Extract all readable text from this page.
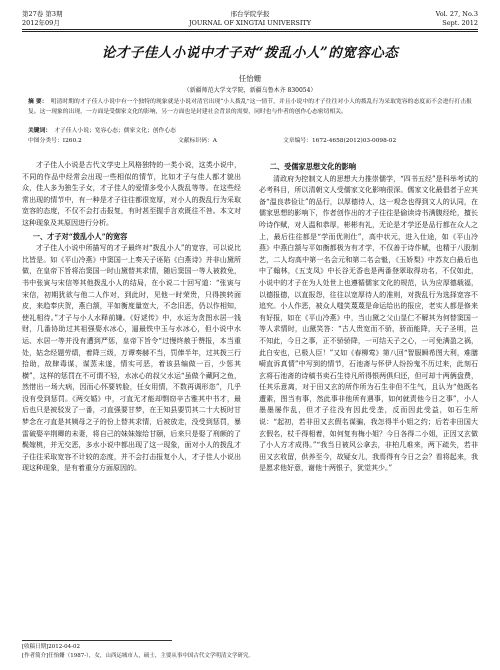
第27卷 第3期	邢台学院学报	Vol. 27, No.3
2012年09月	JOURNAL OF XINGTAI UNIVERSITY	Sept. 2012
论才子佳人小说中才子对“拨乱小人”的宽容心态
任怡姗
（新疆师范大学文学院，新疆乌鲁木齐 830054）
摘 要： 明清时期的才子佳人小说中有一个独特的现象就是小说对清官出现“小人拨乱”这一情节，并且小说中的才子往往对小人的拨乱行为采取宽容的态度而不会进行打击报复。这一现象的出现，一方面是受儒家文化的影响，另一方面也是封建社会背景的需要，同时也与作者的创作心态密切相关。
关键词： 才子佳人小说；宽容心态；儒家文化；创作心态
中图分类号：I260.2	文献标识码：A	文章编号：1672-4658(2012)03-0098-02

才子佳人小说是古代文学史上风格独特的一类小说，这类小说中，不同的作品中经常会出现一些相似的情节，比如才子与佳人都才貌出众，佳人多为独生子女，才子佳人的爱情多受小人拨乱等等。在这些经常出现的情节中，有一种是才子往往都很宽厚，对小人的拨乱行为采取宽容的态度，不仅不会打击报复，有时甚至握手言欢既往不咎。本文对这种现象及其原因进行分析。

一、才子对“拨乱小人”的宽容

才子佳人小说中所描写的才子最终对“拨乱小人”的宽容，可以说比比皆是。如《平山冷燕》中窦国一上奏天子诬陷《白燕诗》并非山黛所做，在皇帝下旨将治窦国一时山黛替其求情，随后窦国一等人被救免，书中张寅与宋信等其他拨乱小人的结局，在小说二十回写道：“张寅与宋信，初期犹欲与他二人作对，到此时，见他一时荣贵，只得挨转面皮，来趋奉庆贺，燕白颔，平如衡度量宽大，不念旧恶，仍以作相知，使礼相待。”才子与小人水释前嫌。《好逑传》中，水运为贪图水居一钱财，几番协助过其祖强娶水冰心，逼最铁中玉与水冰心，但小说中水运、水居一等并没有遭到严惩，皇帝下旨令“过慢终赦于赞报，本当重处，姑念经题劳绩，着降三级，万谭奏赫不当，罚俸半年，过其拨三行拾助，故肆毒谋，谋蒸未遂，情实可恶，着该县编做一百，少惩其横”，这样的惩罚在不可谓不轻，水冰心的叔父水运“虽做个藏阿之鱼，然惜出一场大病，因而心怀要转脸，任女用情，不数再调形恣”，几乎没有受到惩罚。《两交婚》中，刁直无才能却剽窃辛古雅其中书才，最后也只是被驳发了一番，刁直强要甘梦，在王知县要罚其二十大板时甘梦念在刁直是其姨母之子的份上替其求情，后被放走，没受到惩罚，暴雷破娶辛荆卿的未妻，将自己的妹妹嫁给甘颐，后来只是娶了刑颇的了鬓嫁桃，并无交恶，多水小说中都出现了这一现象，面对小人的拨乱才子往往采取宽容不计较的态度，并不会打击报复小人，才子佳人小说出现这种现象，是有着重分方面原因的。

二、受儒家思想文化的影响

清政府为控制文人的思想大力推崇儒学，“四书五经”是科举考试的必考科目，所以清朝文人受儒家文化影响很深。儒家文化最倡者于应其备“温良恭俭让”的品行，以厚德待人，这一观念也得到文人的认同，在儒家思想的影响下，作者创作出的才子往往是偷读诗书满腹经纶，擅长吟诗作赋，对人温和恭厚，彬彬有礼，无论是才学还是品行都在众人之上，最后往往都是“学而优则仕”，高中状元，进入仕途，如《平山冷燕》中燕白颔与平如衡都极为有才学，不仅善于诗作赋，也精于八股制艺，二人均高中第一名会元和第二名会魁，《玉娇梨》中苏友白最后也中了翰林，《五支凤》中长谷无香也是两番登翠取得功名，不仅如此，小说中的才子在为人处世上也遵循儒家文化的规范，认为应厚德载福，以德报德，以直报怨，往往以宽厚待人的准则，对拨乱行为选择宽容不追究。小人作恶，被众人嗤笑蔑蔑是命运给出的报应，老实人都是修来有好报，如在《平山冷燕》中，当山黛之父山显仁不解其为何替窦国一等人求情时，山黛笑答：“古人贵宽而不骄，骄而能降，天子圣明，岂不知此，今日之事，正不骄骄降，一可结天子之心，一可免满盈之祸，此白安也，已极人臣！”又如《春柳莺》第八回“智服瞬希图大利，难膳嗬直诉真情”中写到的情节，石池斋与怀伊人纷扮鬼不历过来，此刻石玄将石池斋的诗稿书卖石生待凡所得银两俱归还，但可却十两俩盘费，任其乐意离，对于田又玄的所作所为石生非但不生气，且认为“他既名遭素，图当有事，然此事非他所有遇事，如何就责他今日之事”，小人墨墨屡作乱，但才子往没有因此受垄，反而因此受益，如石生所说：“起初，若非田又玄假名谋骗，我怎得半小姐之约；后若非田国大玄假名，杖千得相着，如何复有梅小姐？今日各得二小姐，正因又玄做了小人方才成得。”“我当日被风公拿去，非柏几难来，两下疏失，若非田又玄收留，供养至今，故疑女儿，我焉得有今日之会？看将起来，我是愿求他好意，谢他十两银子，犹觉其少。”

[收稿日期]2012-04-02
[作者简介]任怡姗（1987-），女，山西运城市人，硕士，主要从事中国古代文学明清文学研究。
